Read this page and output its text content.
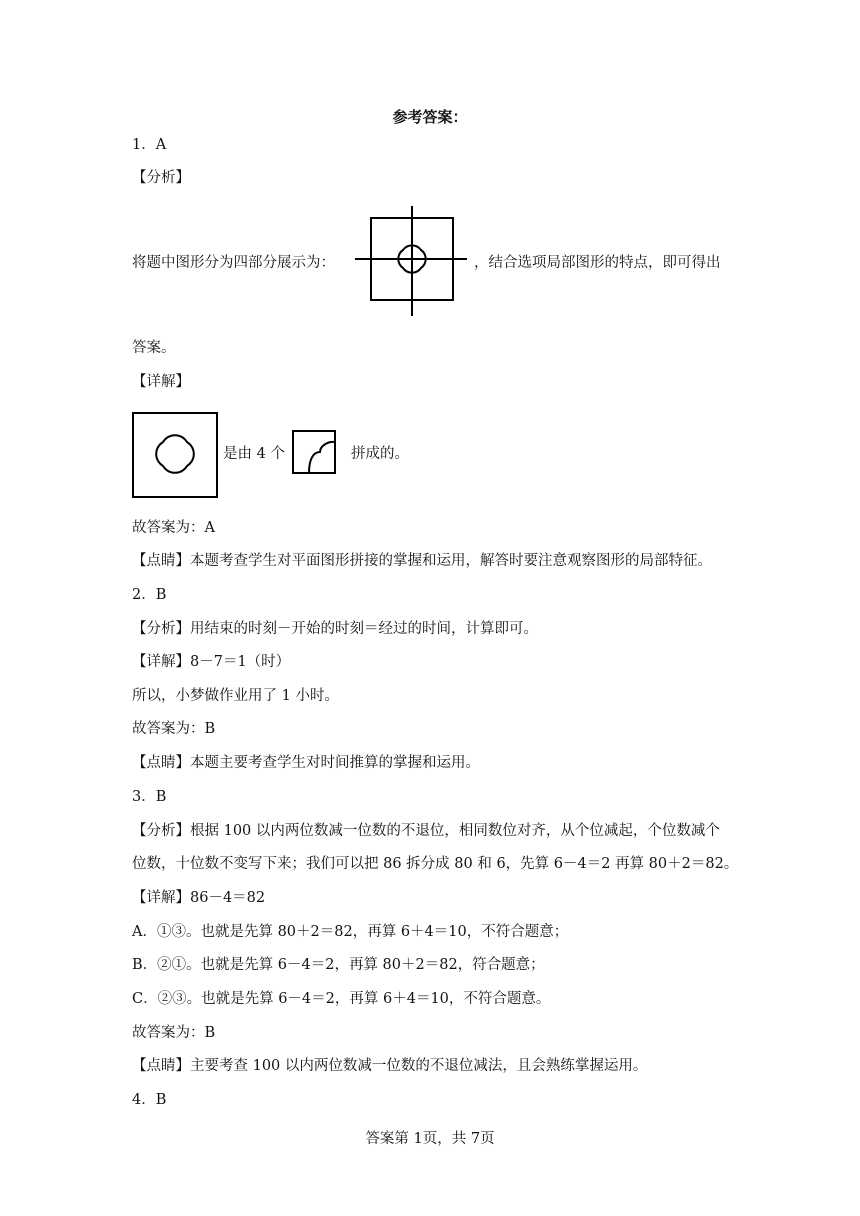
参考答案：
1．A
【分析】
将题中图形分为四部分展示为：	，结合选项局部图形的特点，即可得出
答案。
【详解】
是由 4 个	拼成的。
故答案为：A
【点睛】本题考查学生对平面图形拼接的掌握和运用，解答时要注意观察图形的局部特征。
2．B
【分析】用结束的时刻－开始的时刻＝经过的时间，计算即可。
【详解】8－7＝1（时）
所以，小梦做作业用了 1 小时。
故答案为：B
【点睛】本题主要考查学生对时间推算的掌握和运用。
3．B
【分析】根据 100 以内两位数减一位数的不退位，相同数位对齐，从个位减起，个位数减个
位数，十位数不变写下来；我们可以把 86 拆分成 80 和 6，先算 6－4＝2 再算 80＋2＝82。
【详解】86－4＝82
A．①③。也就是先算 80＋2＝82，再算 6＋4＝10，不符合题意；
B．②①。也就是先算 6－4＝2，再算 80＋2＝82，符合题意；
C．②③。也就是先算 6－4＝2，再算 6＋4＝10，不符合题意。
故答案为：B
【点睛】主要考查 100 以内两位数减一位数的不退位减法，且会熟练掌握运用。
4．B
答案第 1页，共 7页
